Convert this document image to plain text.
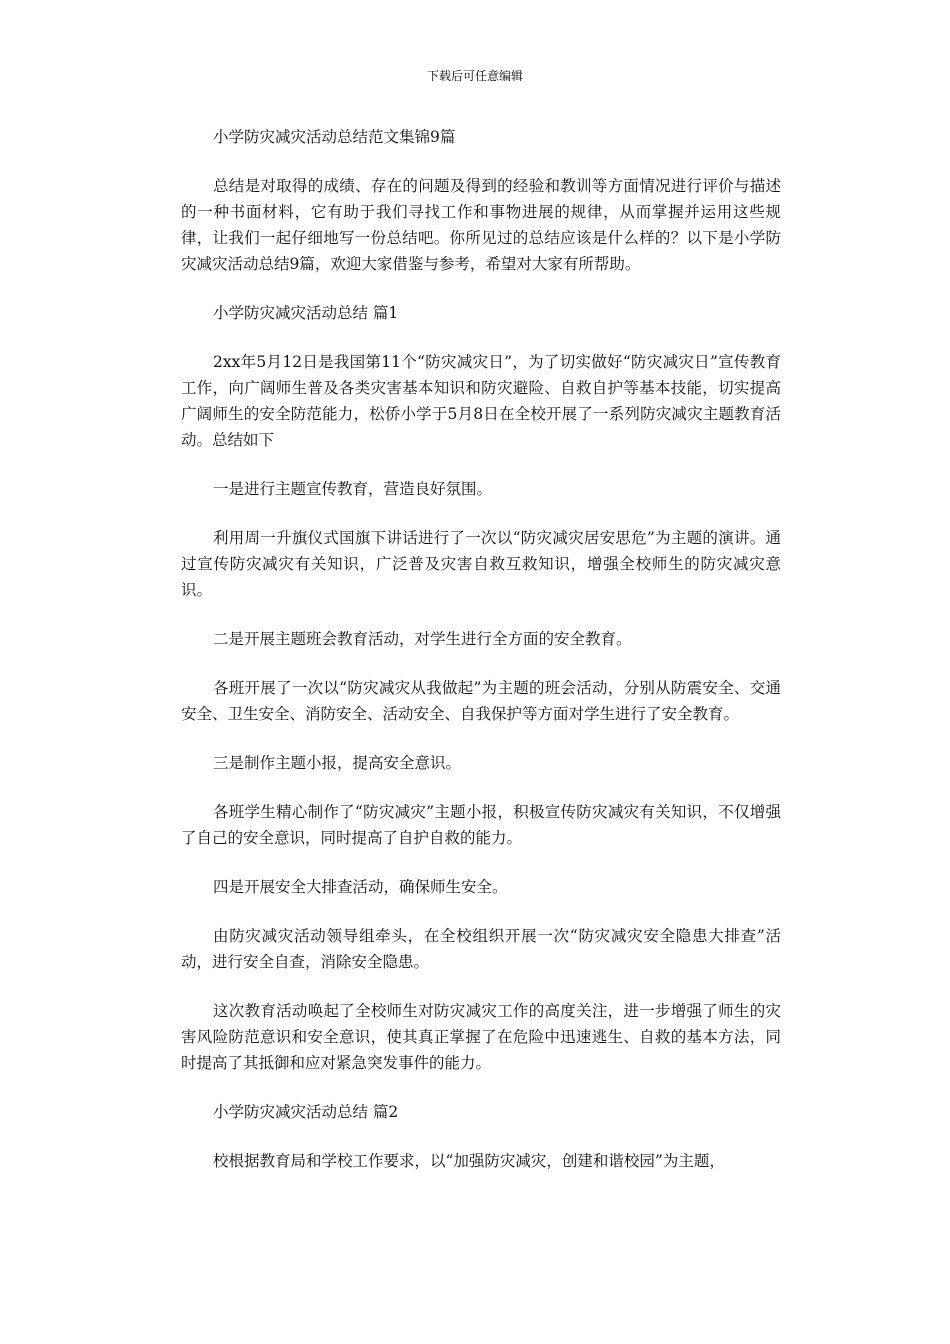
下载后可任意编辑

小学防灾减灾活动总结范文集锦9篇

总结是对取得的成绩、存在的问题及得到的经验和教训等方面情况进行评价与描述的一种书面材料，它有助于我们寻找工作和事物进展的规律，从而掌握并运用这些规律，让我们一起仔细地写一份总结吧。你所见过的总结应该是什么样的？以下是小学防灾减灾活动总结9篇，欢迎大家借鉴与参考，希望对大家有所帮助。

小学防灾减灾活动总结 篇1

2xx年5月12日是我国第11个“防灾减灾日”，为了切实做好“防灾减灾日”宣传教育工作，向广阔师生普及各类灾害基本知识和防灾避险、自救自护等基本技能，切实提高广阔师生的安全防范能力，松侨小学于5月8日在全校开展了一系列防灾减灾主题教育活动。总结如下

一是进行主题宣传教育，营造良好氛围。

利用周一升旗仪式国旗下讲话进行了一次以“防灾减灾居安思危”为主题的演讲。通过宣传防灾减灾有关知识，广泛普及灾害自救互救知识，增强全校师生的防灾减灾意识。

二是开展主题班会教育活动，对学生进行全方面的安全教育。

各班开展了一次以“防灾减灾从我做起”为主题的班会活动，分别从防震安全、交通安全、卫生安全、消防安全、活动安全、自我保护等方面对学生进行了安全教育。

三是制作主题小报，提高安全意识。

各班学生精心制作了“防灾减灾”主题小报，积极宣传防灾减灾有关知识，不仅增强了自己的安全意识，同时提高了自护自救的能力。

四是开展安全大排查活动，确保师生安全。

由防灾减灾活动领导组牵头，在全校组织开展一次“防灾减灾安全隐患大排查”活动，进行安全自查，消除安全隐患。

这次教育活动唤起了全校师生对防灾减灾工作的高度关注，进一步增强了师生的灾害风险防范意识和安全意识，使其真正掌握了在危险中迅速逃生、自救的基本方法，同时提高了其抵御和应对紧急突发事件的能力。

小学防灾减灾活动总结 篇2

校根据教育局和学校工作要求，以“加强防灾减灾，创建和谐校园”为主题，
